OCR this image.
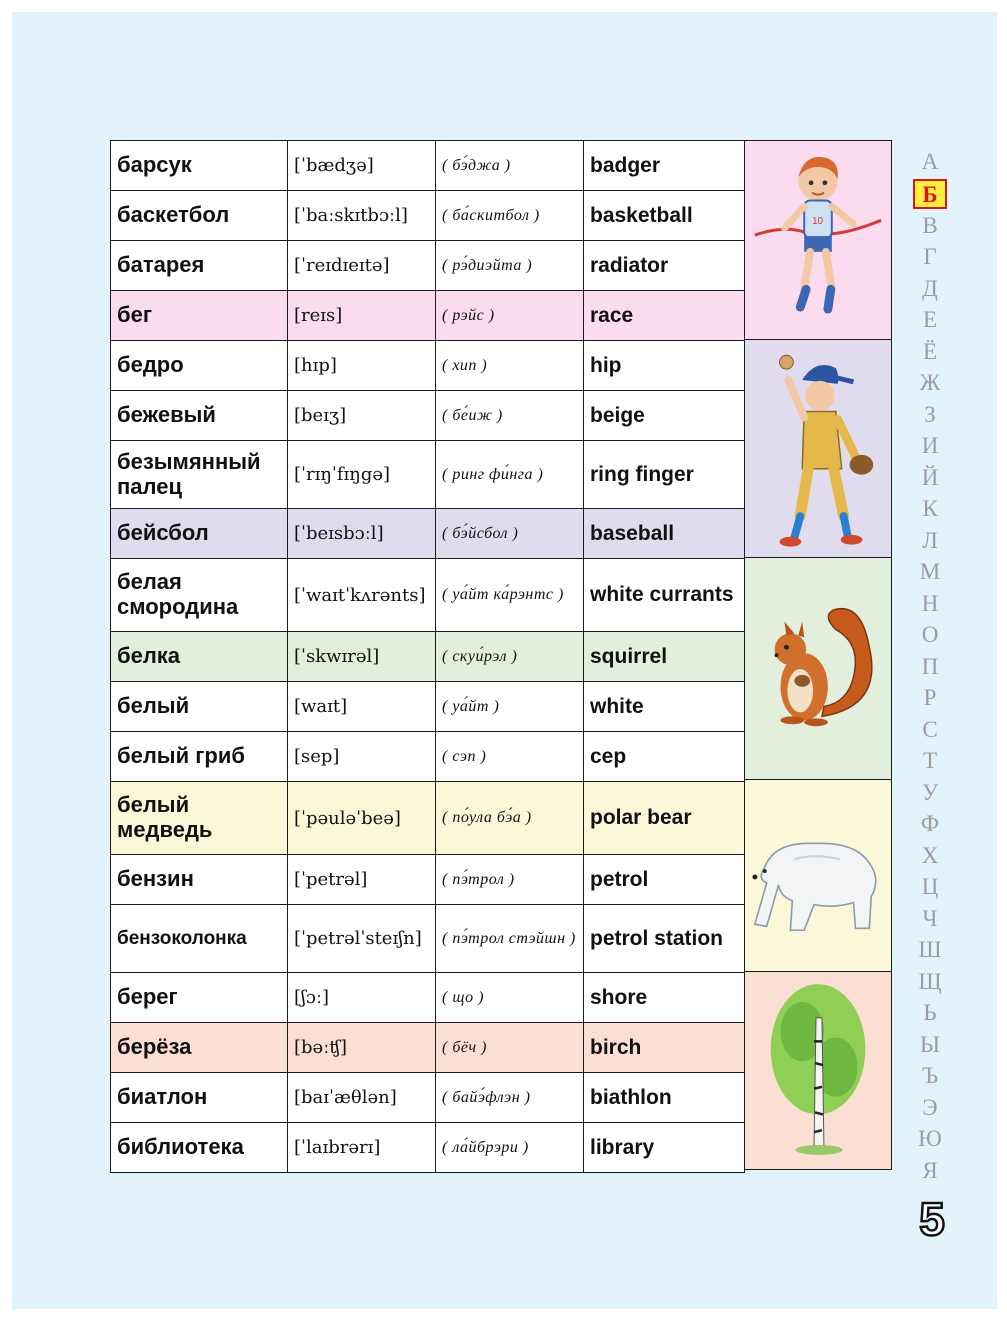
барсук	[ˈbædʒə]	( бэ́джа )	badger
баскетбол	[ˈbaːskɪtbɔːl]	( ба́скитбол )	basketball
батарея	[ˈreɪdɪeɪtə]	( рэ́диэйта )	radiator
бег	[reɪs]	( рэйс )	race
бедро	[hɪp]	( хип )	hip
бежевый	[beɪʒ]	( бе́иж )	beige
безымянный палец	[ˈrɪŋˈfɪŋgə]	( ринг фи́нга )	ring finger
бейсбол	[ˈbeɪsbɔːl]	( бэ́йсбол )	baseball
белая смородина	[ˈwaɪtˈkʌrənts]	( уа́йт ка́рэнтс )	white currants
белка	[ˈskwɪrəl]	( скуи́рэл )	squirrel
белый	[waɪt]	( уа́йт )	white
белый гриб	[sep]	( сэп )	cep
белый медведь	[ˈpəuləˈbeə]	( по́ула бэ́а )	polar bear
бензин	[ˈpetrəl]	( пэ́трол )	petrol
бензоколонка	[ˈpetrəlˈsteɪʃn]	( пэ́трол стэйшн )	petrol station
берег	[ʃɔː]	( що )	shore
берёза	[bəːʧ]	( бёч )	birch
биатлон	[baɪˈæθlən]	( байэ́флэн )	biathlon
библиотека	[ˈlaɪbrərɪ]	( ла́йбрэри )	library
10
А
Б
В
Г
Д
Е
Ё
Ж
З
И
Й
К
Л
М
Н
О
П
Р
С
Т
У
Ф
Х
Ц
Ч
Ш
Щ
Ь
Ы
Ъ
Э
Ю
Я
5
